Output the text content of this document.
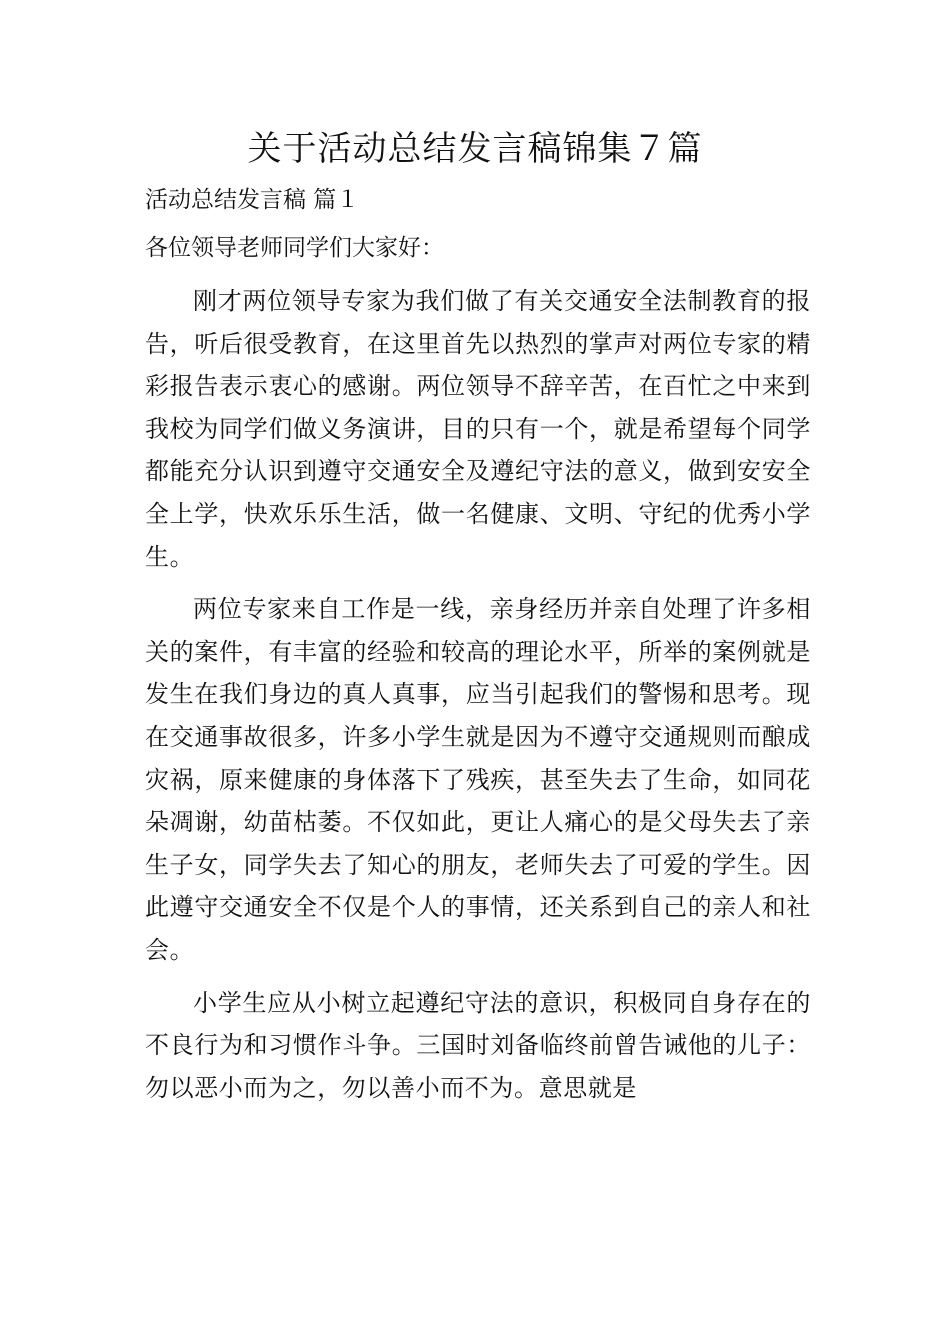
关于活动总结发言稿锦集７篇

活动总结发言稿 篇１

各位领导老师同学们大家好：

刚才两位领导专家为我们做了有关交通安全法制教育的报告，听后很受教育，在这里首先以热烈的掌声对两位专家的精彩报告表示衷心的感谢。两位领导不辞辛苦，在百忙之中来到我校为同学们做义务演讲，目的只有一个，就是希望每个同学都能充分认识到遵守交通安全及遵纪守法的意义，做到安安全全上学，快欢乐乐生活，做一名健康、文明、守纪的优秀小学生。

两位专家来自工作是一线，亲身经历并亲自处理了许多相关的案件，有丰富的经验和较高的理论水平，所举的案例就是发生在我们身边的真人真事，应当引起我们的警惕和思考。现在交通事故很多，许多小学生就是因为不遵守交通规则而酿成灾祸，原来健康的身体落下了残疾，甚至失去了生命，如同花朵凋谢，幼苗枯萎。不仅如此，更让人痛心的是父母失去了亲生子女，同学失去了知心的朋友，老师失去了可爱的学生。因此遵守交通安全不仅是个人的事情，还关系到自己的亲人和社会。

小学生应从小树立起遵纪守法的意识，积极同自身存在的不良行为和习惯作斗争。三国时刘备临终前曾告诫他的儿子：勿以恶小而为之，勿以善小而不为。意思就是
